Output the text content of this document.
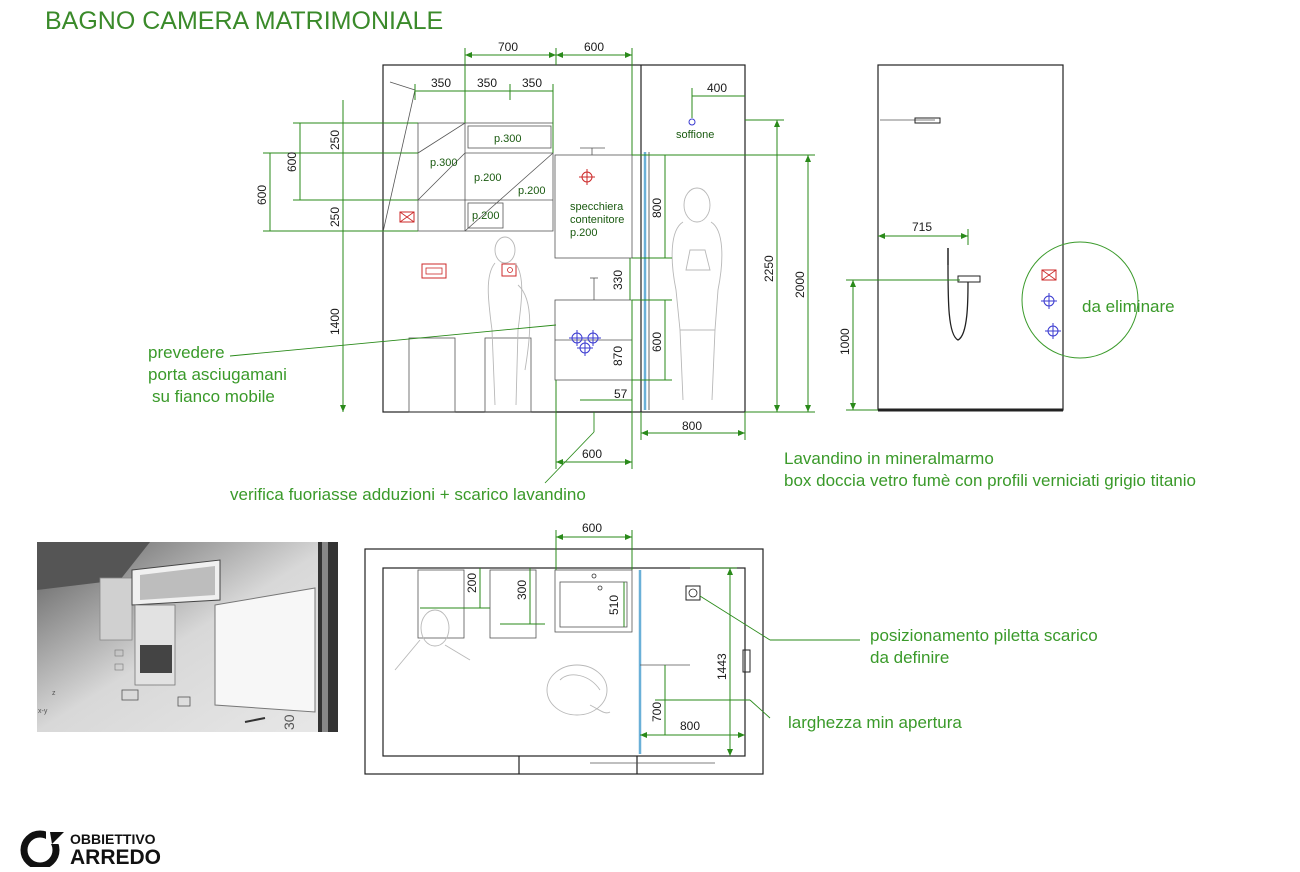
BAGNO CAMERA MATRIMONIALE
prevedere
porta asciugamani
su fianco mobile
verifica fuoriasse adduzioni + scarico lavandino
Lavandino in mineralmarmo
box doccia vetro fumè con profili verniciati grigio titanio
da eliminare
posizionamento piletta scarico
da definire
larghezza min apertura
soffione
specchiera
contenitore
p.200
p.300
p.300
p.200
p.200
p.200
700	600
350 350 350	400
250
600
600
250
1400
800
330
600
870
57
2250
2000
800
600
715
1000
600
200	300
510
1443
700
800
30
z
x-y
OBBIETTIVO
ARREDO
